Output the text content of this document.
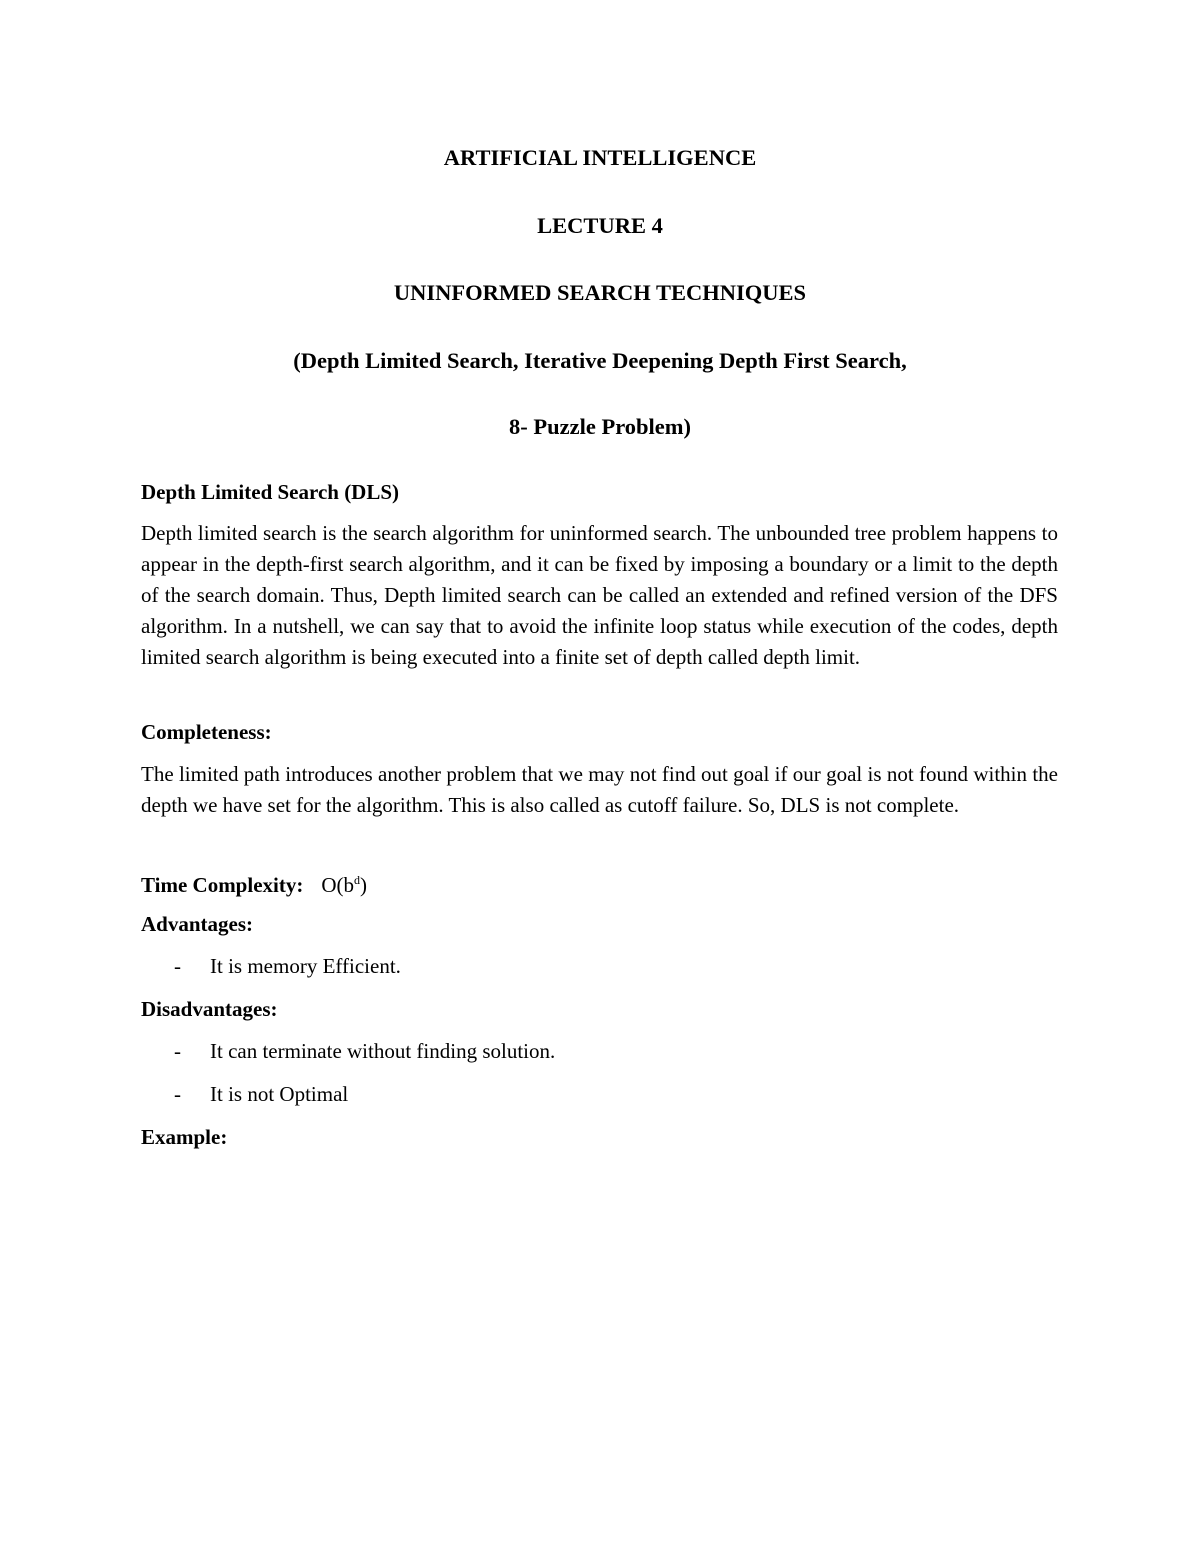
ARTIFICIAL INTELLIGENCE
LECTURE 4
UNINFORMED SEARCH TECHNIQUES
(Depth Limited Search, Iterative Deepening Depth First Search,
8- Puzzle Problem)
Depth Limited Search (DLS)
Depth limited search is the search algorithm for uninformed search. The unbounded tree problem happens to appear in the depth-first search algorithm, and it can be fixed by imposing a boundary or a limit to the depth of the search domain. Thus, Depth limited search can be called an extended and refined version of the DFS algorithm. In a nutshell, we can say that to avoid the infinite loop status while execution of the codes, depth limited search algorithm is being executed into a finite set of depth called depth limit.
Completeness:
The limited path introduces another problem that we may not find out goal if our goal is not found within the depth we have set for the algorithm. This is also called as cutoff failure. So, DLS is not complete.
Time Complexity: $O(b^d)$
Advantages:
- It is memory Efficient.
Disadvantages:
- It can terminate without finding solution.
- It is not Optimal
Example:
